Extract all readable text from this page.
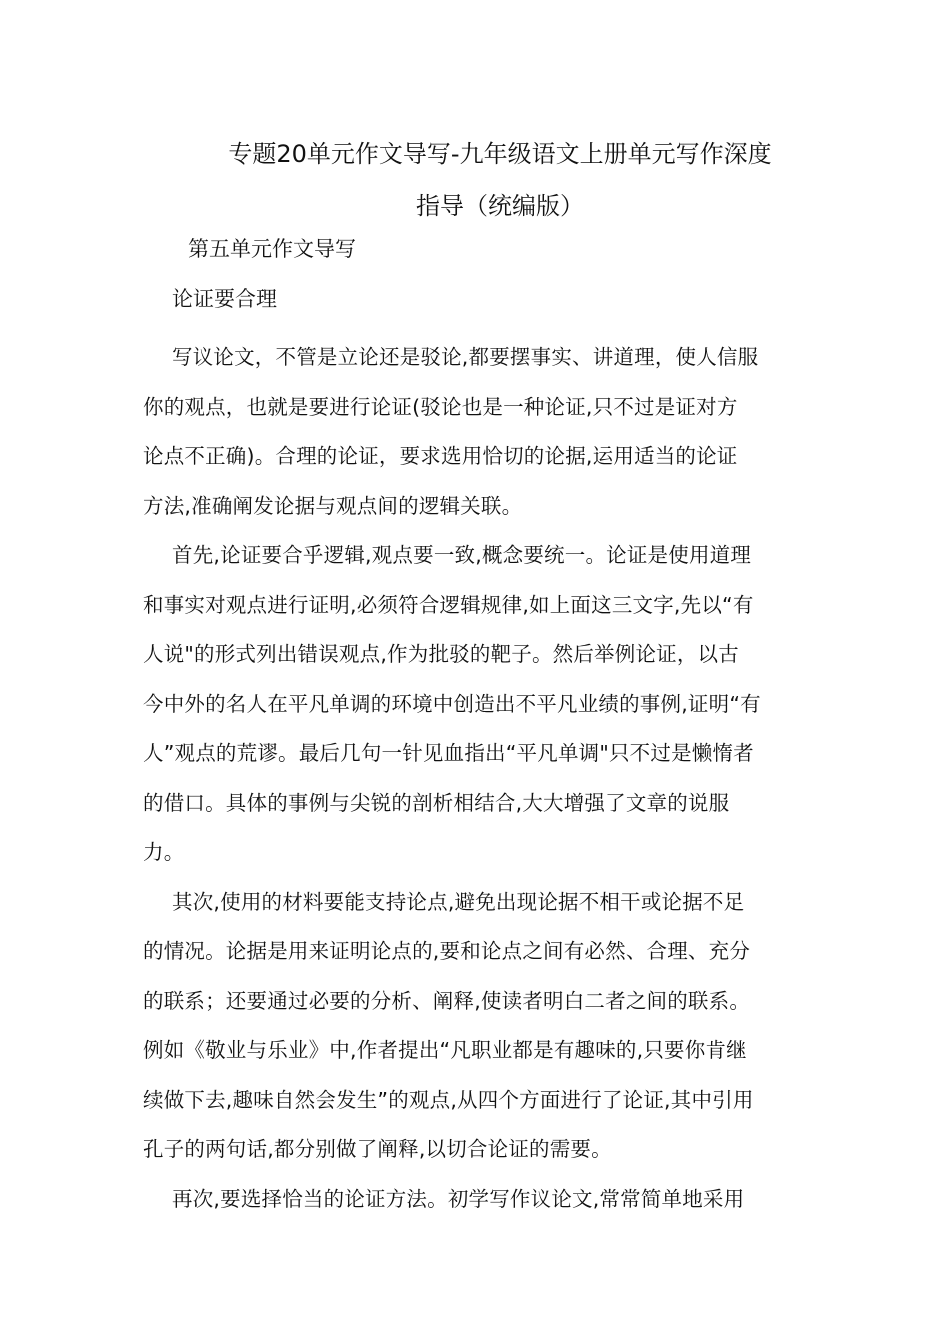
专题20单元作文导写-九年级语文上册单元写作深度
指导（统编版）
第五单元作文导写
论证要合理

写议论文，不管是立论还是驳论,都要摆事实、讲道理，使人信服
你的观点，也就是要进行论证(驳论也是一种论证,只不过是证对方
论点不正确)。合理的论证，要求选用恰切的论据,运用适当的论证
方法,准确阐发论据与观点间的逻辑关联。

首先,论证要合乎逻辑,观点要一致,概念要统一。论证是使用道理
和事实对观点进行证明,必须符合逻辑规律,如上面这三文字,先以“有
人说"的形式列出错误观点,作为批驳的靶子。然后举例论证，以古
今中外的名人在平凡单调的环境中创造出不平凡业绩的事例,证明“有
人”观点的荒谬。最后几句一针见血指出“平凡单调"只不过是懒惰者
的借口。具体的事例与尖锐的剖析相结合,大大增强了文章的说服
力。

其次,使用的材料要能支持论点,避免出现论据不相干或论据不足
的情况。论据是用来证明论点的,要和论点之间有必然、合理、充分
的联系；还要通过必要的分析、阐释,使读者明白二者之间的联系。
例如《敬业与乐业》中,作者提出“凡职业都是有趣味的,只要你肯继
续做下去,趣味自然会发生”的观点,从四个方面进行了论证,其中引用
孔子的两句话,都分别做了阐释,以切合论证的需要。

再次,要选择恰当的论证方法。初学写作议论文,常常简单地采用
